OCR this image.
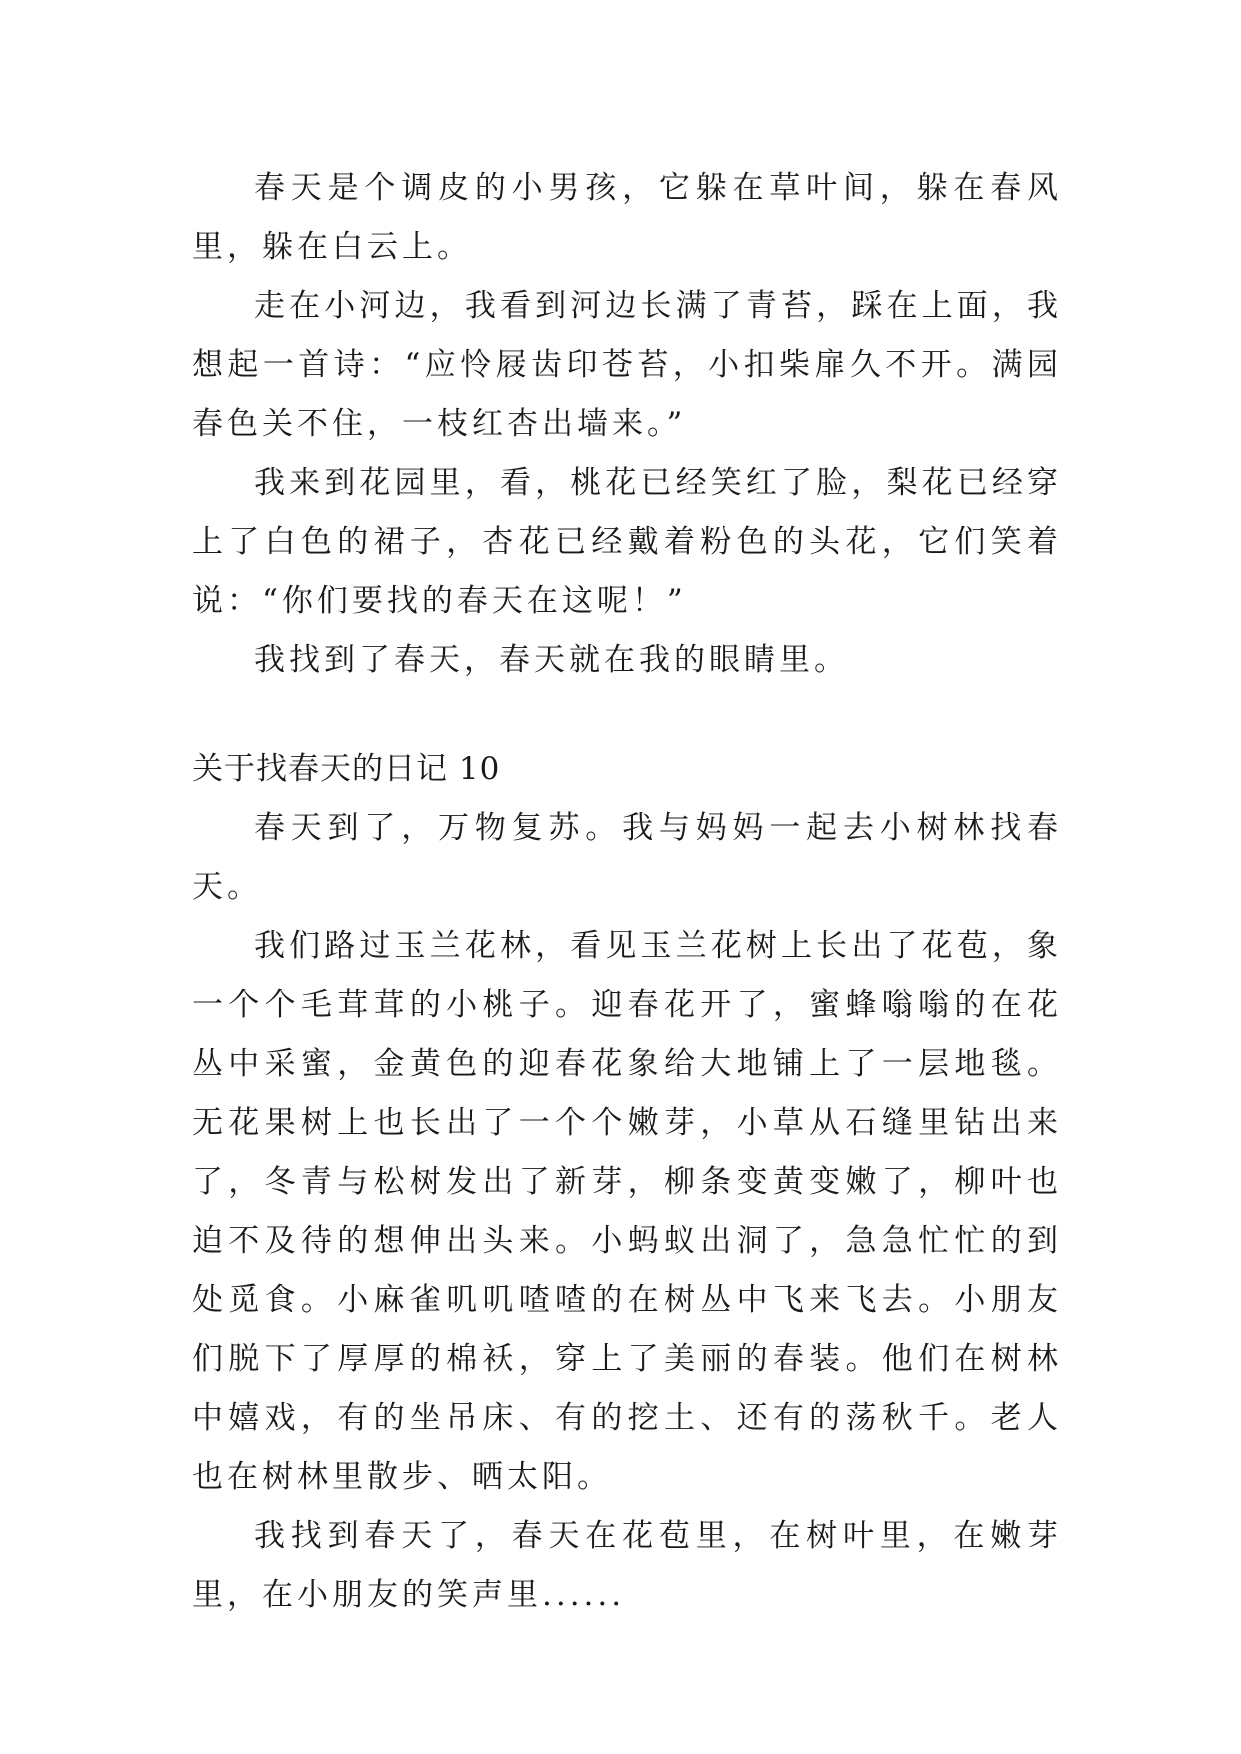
春天是个调皮的小男孩，它躲在草叶间，躲在春风里，躲在白云上。

走在小河边，我看到河边长满了青苔，踩在上面，我想起一首诗：“应怜屐齿印苍苔，小扣柴扉久不开。满园春色关不住，一枝红杏出墙来。”

我来到花园里，看，桃花已经笑红了脸，梨花已经穿上了白色的裙子，杏花已经戴着粉色的头花，它们笑着说：“你们要找的春天在这呢！”

我找到了春天，春天就在我的眼睛里。

关于找春天的日记 10

春天到了，万物复苏。我与妈妈一起去小树林找春天。

我们路过玉兰花林，看见玉兰花树上长出了花苞，象一个个毛茸茸的小桃子。迎春花开了，蜜蜂嗡嗡的在花丛中采蜜，金黄色的迎春花象给大地铺上了一层地毯。无花果树上也长出了一个个嫩芽，小草从石缝里钻出来了，冬青与松树发出了新芽，柳条变黄变嫩了，柳叶也迫不及待的想伸出头来。小蚂蚁出洞了，急急忙忙的到处觅食。小麻雀叽叽喳喳的在树丛中飞来飞去。小朋友们脱下了厚厚的棉袄，穿上了美丽的春装。他们在树林中嬉戏，有的坐吊床、有的挖土、还有的荡秋千。老人也在树林里散步、晒太阳。

我找到春天了，春天在花苞里，在树叶里，在嫩芽里，在小朋友的笑声里......
